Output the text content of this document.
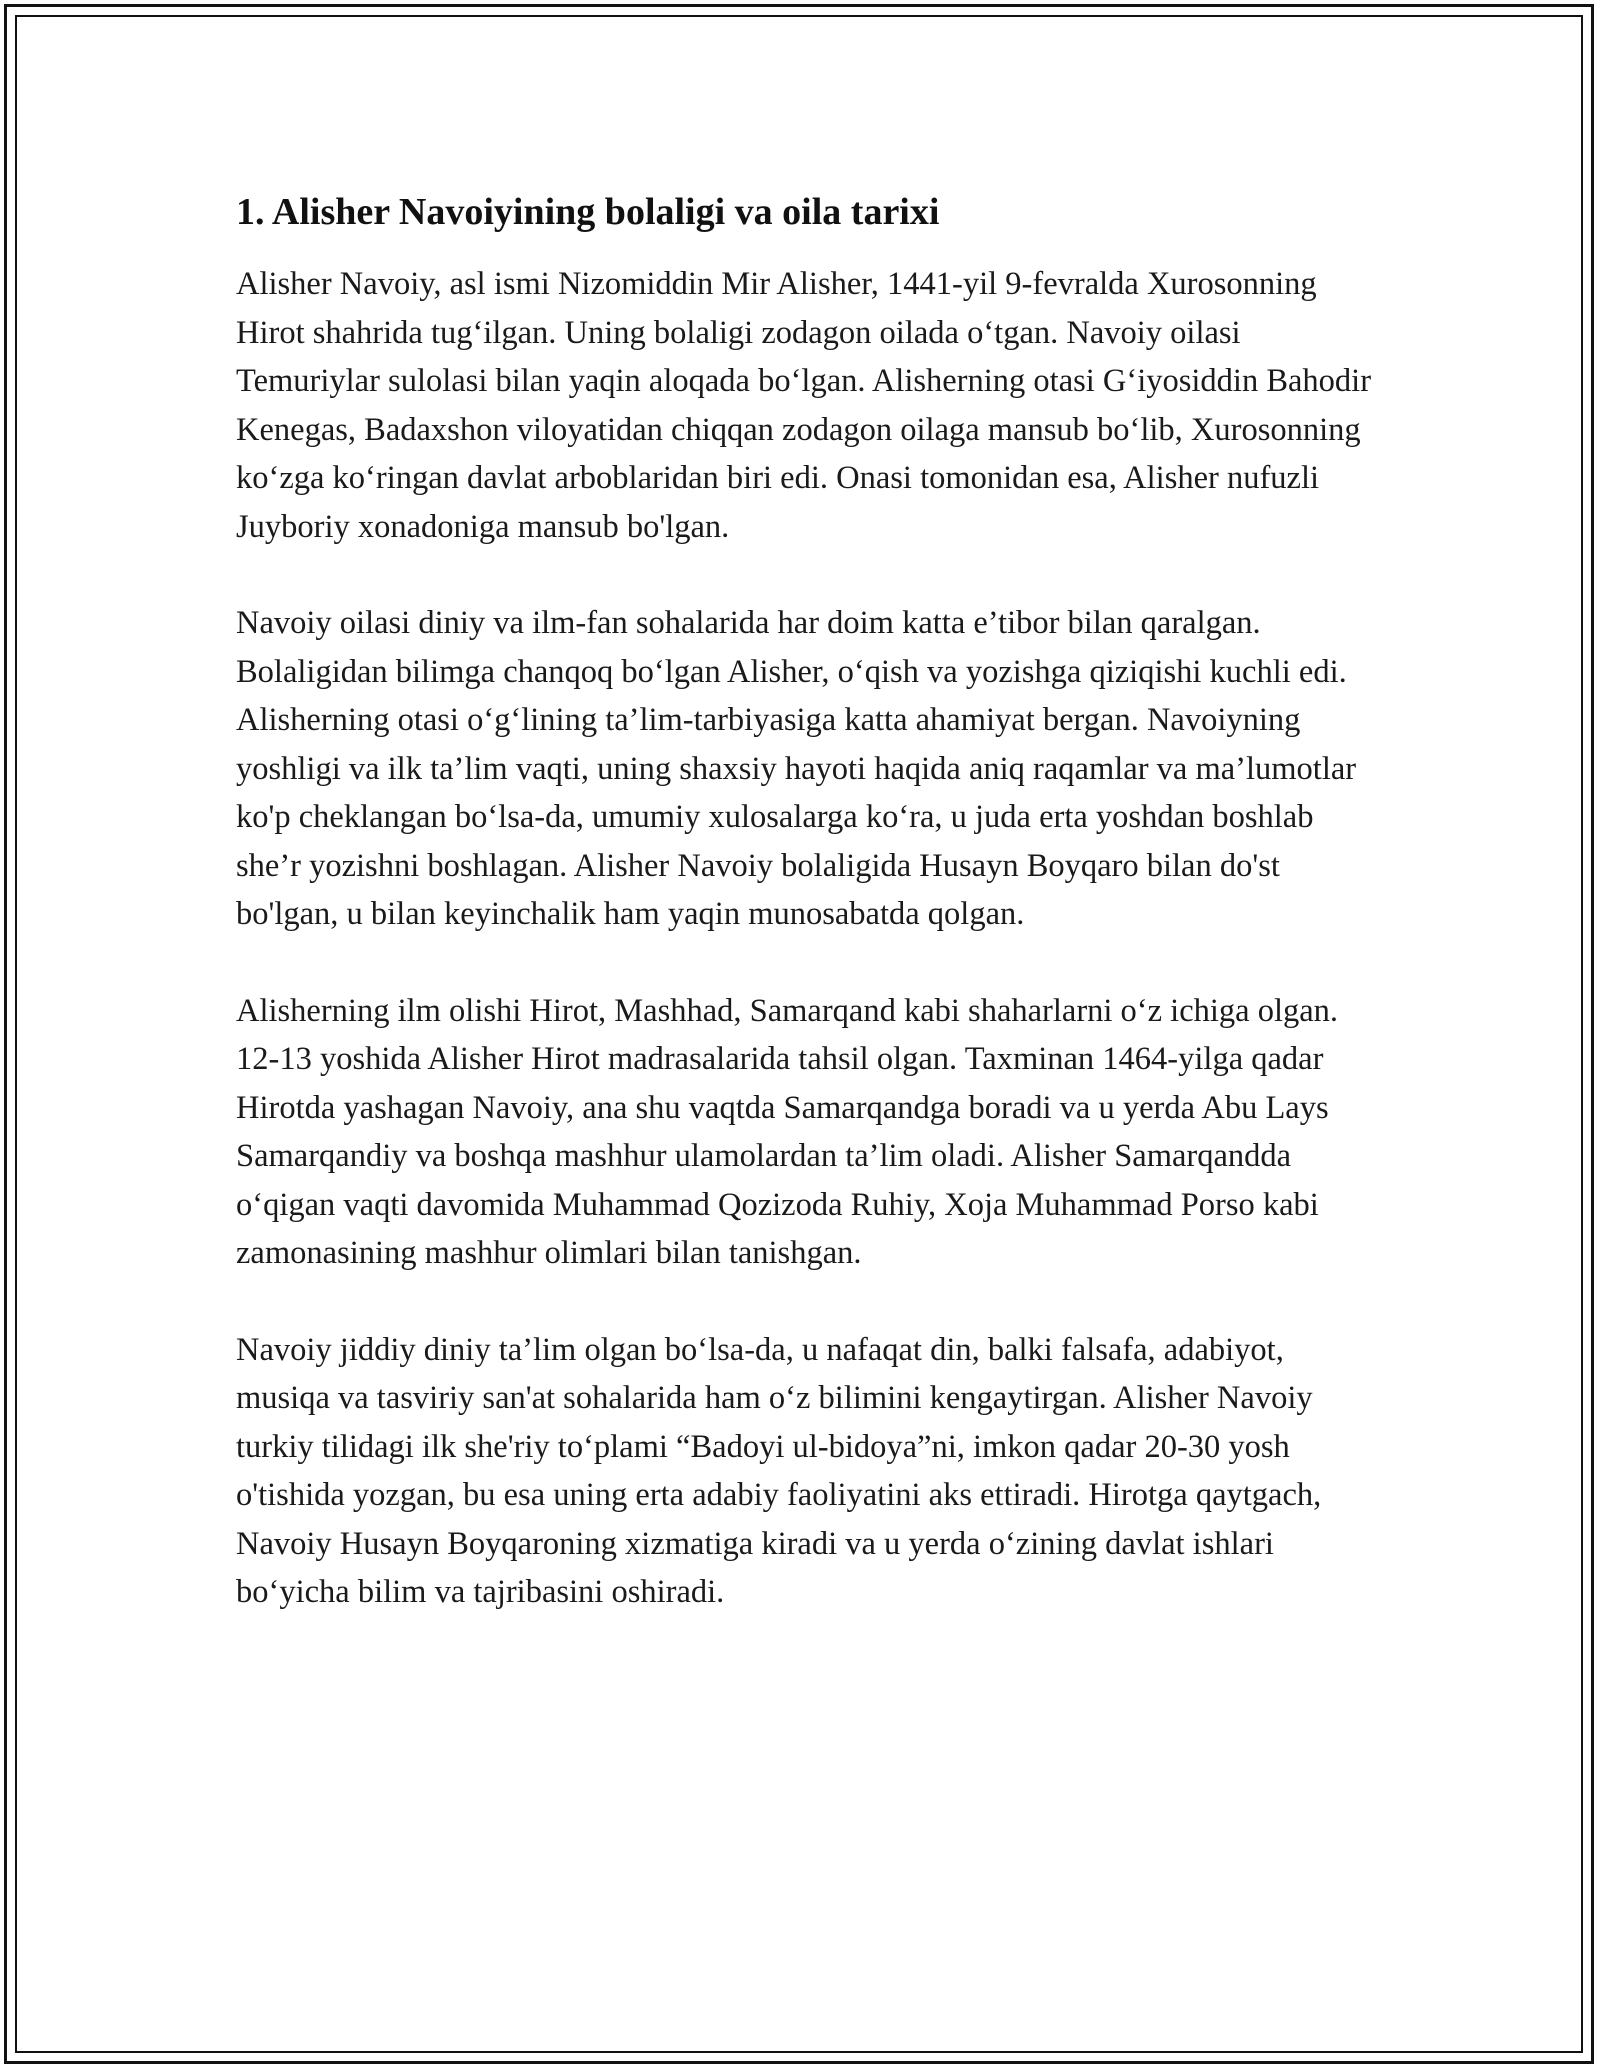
1. Alisher Navoiyining bolaligi va oila tarixi

Alisher Navoiy, asl ismi Nizomiddin Mir Alisher, 1441-yil 9-fevralda Xurosonning Hirot shahrida tug‘ilgan. Uning bolaligi zodagon oilada o‘tgan. Navoiy oilasi Temuriylar sulolasi bilan yaqin aloqada bo‘lgan. Alisherning otasi G‘iyosiddin Bahodir Kenegas, Badaxshon viloyatidan chiqqan zodagon oilaga mansub bo‘lib, Xurosonning ko‘zga ko‘ringan davlat arboblaridan biri edi. Onasi tomonidan esa, Alisher nufuzli Juyboriy xonadoniga mansub bo'lgan.

Navoiy oilasi diniy va ilm-fan sohalarida har doim katta e’tibor bilan qaralgan. Bolaligidan bilimga chanqoq bo‘lgan Alisher, o‘qish va yozishga qiziqishi kuchli edi. Alisherning otasi o‘g‘lining ta’lim-tarbiyasiga katta ahamiyat bergan. Navoiyning yoshligi va ilk ta’lim vaqti, uning shaxsiy hayoti haqida aniq raqamlar va ma’lumotlar ko'p cheklangan bo‘lsa-da, umumiy xulosalarga ko‘ra, u juda erta yoshdan boshlab she’r yozishni boshlagan. Alisher Navoiy bolaligida Husayn Boyqaro bilan do'st bo'lgan, u bilan keyinchalik ham yaqin munosabatda qolgan.

Alisherning ilm olishi Hirot, Mashhad, Samarqand kabi shaharlarni o‘z ichiga olgan. 12-13 yoshida Alisher Hirot madrasalarida tahsil olgan. Taxminan 1464-yilga qadar Hirotda yashagan Navoiy, ana shu vaqtda Samarqandga boradi va u yerda Abu Lays Samarqandiy va boshqa mashhur ulamolardan ta’lim oladi. Alisher Samarqandda o‘qigan vaqti davomida Muhammad Qozizoda Ruhiy, Xoja Muhammad Porso kabi zamonasining mashhur olimlari bilan tanishgan.

Navoiy jiddiy diniy ta’lim olgan bo‘lsa-da, u nafaqat din, balki falsafa, adabiyot, musiqa va tasviriy san'at sohalarida ham o‘z bilimini kengaytirgan. Alisher Navoiy turkiy tilidagi ilk she'riy to‘plami “Badoyi ul-bidoya”ni, imkon qadar 20-30 yosh o'tishida yozgan, bu esa uning erta adabiy faoliyatini aks ettiradi. Hirotga qaytgach, Navoiy Husayn Boyqaroning xizmatiga kiradi va u yerda o‘zining davlat ishlari bo‘yicha bilim va tajribasini oshiradi.
